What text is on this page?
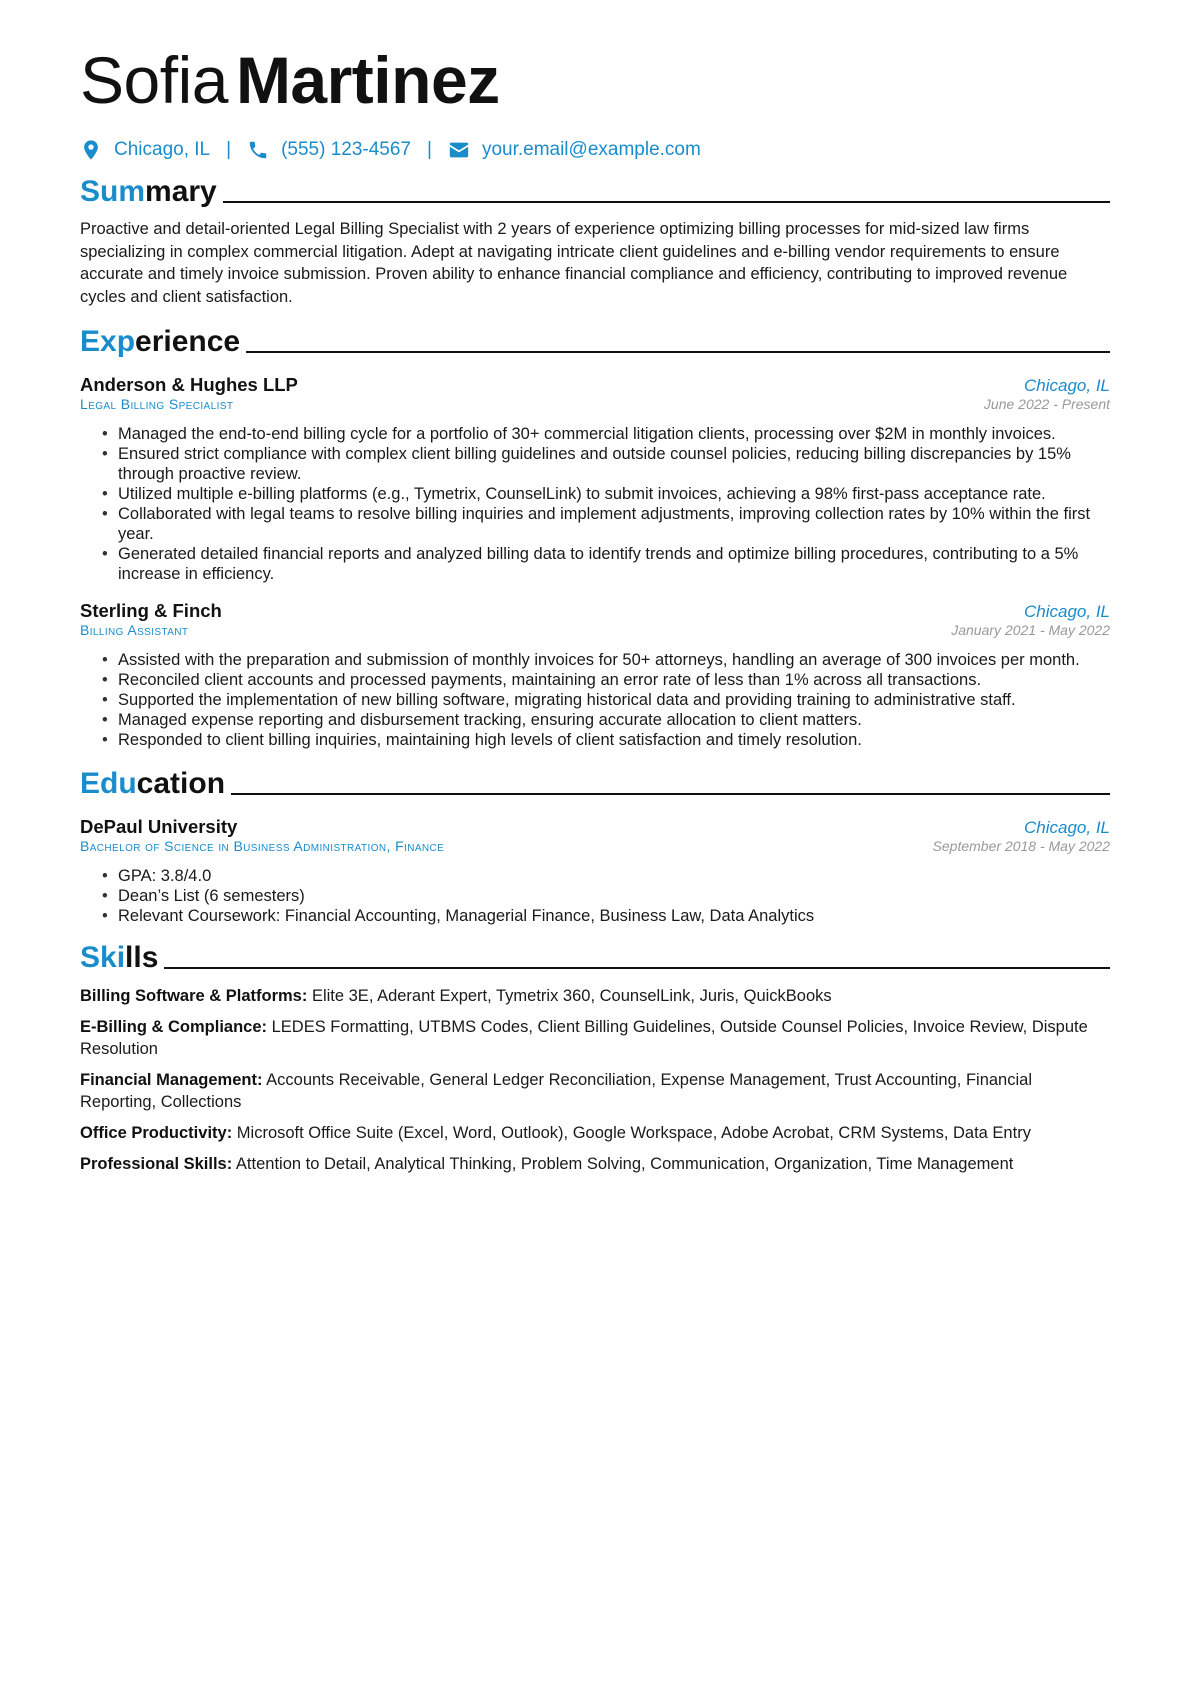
Sofia Martinez
Chicago, IL |	(555) 123-4567 |	your.email@example.com
Summary

Proactive and detail-oriented Legal Billing Specialist with 2 years of experience optimizing billing processes for mid-sized law firms specializing in complex commercial litigation. Adept at navigating intricate client guidelines and e-billing vendor requirements to ensure accurate and timely invoice submission. Proven ability to enhance financial compliance and efficiency, contributing to improved revenue cycles and client satisfaction.

Experience
Anderson & Hughes LLP	Chicago, IL
Legal Billing Specialist	June 2022 - Present
• Managed the end-to-end billing cycle for a portfolio of 30+ commercial litigation clients, processing over $2M in monthly invoices.
• Ensured strict compliance with complex client billing guidelines and outside counsel policies, reducing billing discrepancies by 15% through proactive review.
• Utilized multiple e-billing platforms (e.g., Tymetrix, CounselLink) to submit invoices, achieving a 98% first-pass acceptance rate.
• Collaborated with legal teams to resolve billing inquiries and implement adjustments, improving collection rates by 10% within the first year.
• Generated detailed financial reports and analyzed billing data to identify trends and optimize billing procedures, contributing to a 5% increase in efficiency.
Sterling & Finch	Chicago, IL
Billing Assistant	January 2021 - May 2022
• Assisted with the preparation and submission of monthly invoices for 50+ attorneys, handling an average of 300 invoices per month.
• Reconciled client accounts and processed payments, maintaining an error rate of less than 1% across all transactions.
• Supported the implementation of new billing software, migrating historical data and providing training to administrative staff.
• Managed expense reporting and disbursement tracking, ensuring accurate allocation to client matters.
• Responded to client billing inquiries, maintaining high levels of client satisfaction and timely resolution.
Education
DePaul University	Chicago, IL
Bachelor of Science in Business Administration, Finance	September 2018 - May 2022
• GPA: 3.8/4.0
• Dean’s List (6 semesters)
• Relevant Coursework: Financial Accounting, Managerial Finance, Business Law, Data Analytics
Skills
Billing Software & Platforms: Elite 3E, Aderant Expert, Tymetrix 360, CounselLink, Juris, QuickBooks
E-Billing & Compliance: LEDES Formatting, UTBMS Codes, Client Billing Guidelines, Outside Counsel Policies, Invoice Review, Dispute Resolution
Financial Management: Accounts Receivable, General Ledger Reconciliation, Expense Management, Trust Accounting, Financial Reporting, Collections
Office Productivity: Microsoft Office Suite (Excel, Word, Outlook), Google Workspace, Adobe Acrobat, CRM Systems, Data Entry
Professional Skills: Attention to Detail, Analytical Thinking, Problem Solving, Communication, Organization, Time Management
